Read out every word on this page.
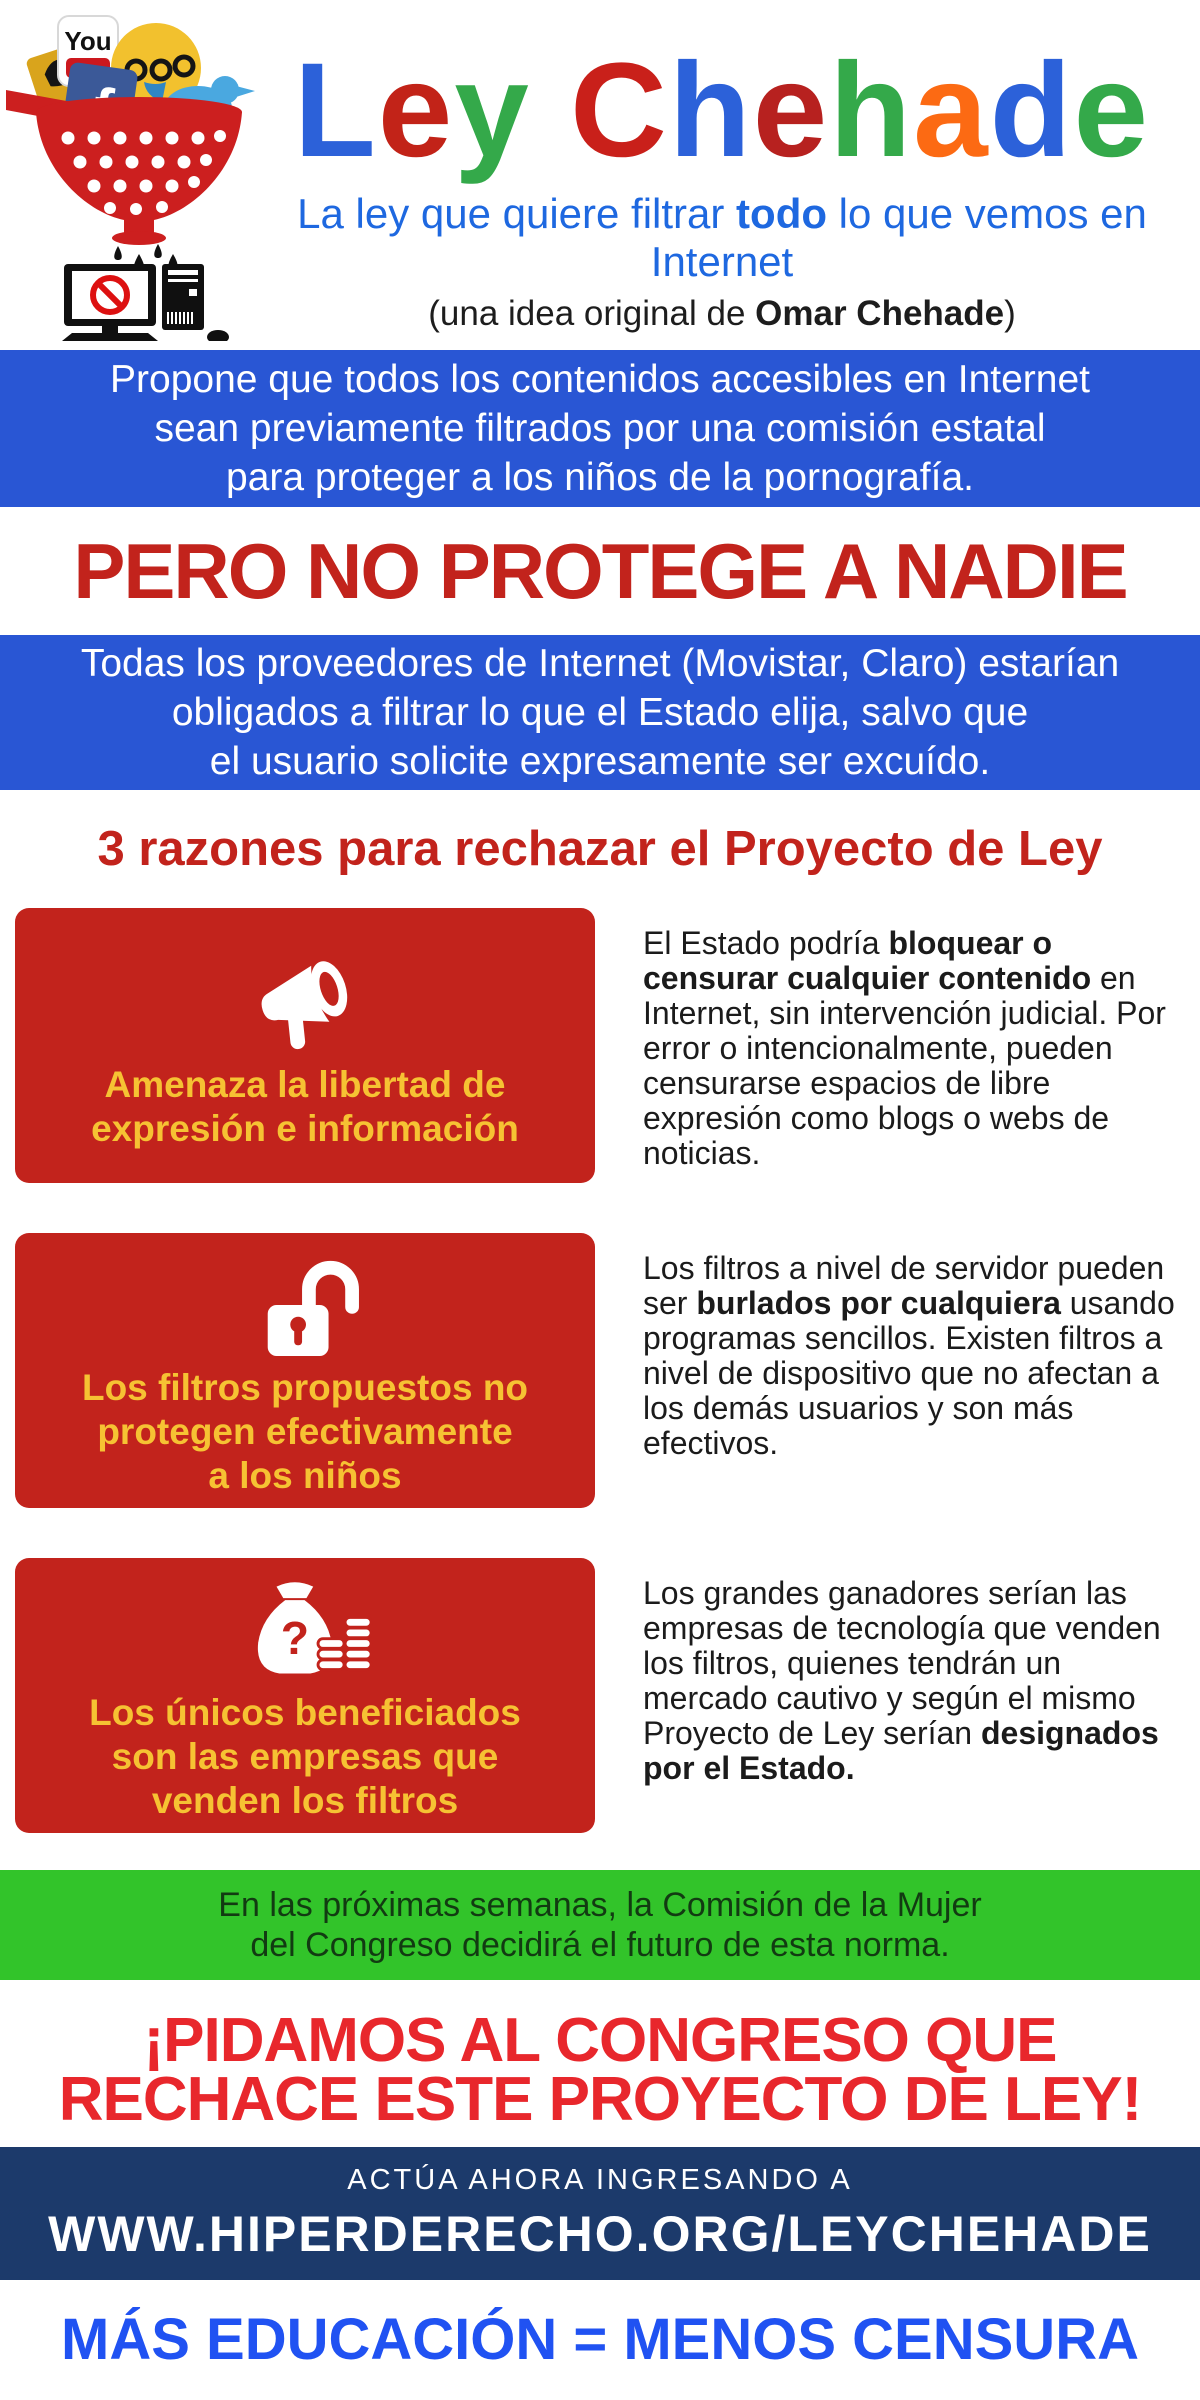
You	Ley Chehade
La ley que quiere filtrar todo lo que vemos en Internet
(una idea original de Omar Chehade)
Propone que todos los contenidos accesibles en Internet
sean previamente filtrados por una comisión estatal
para proteger a los niños de la pornografía.
PERO NO PROTEGE A NADIE
Todas los proveedores de Internet (Movistar, Claro) estarían
obligados a filtrar lo que el Estado elija, salvo que
el usuario solicite expresamente ser excuído.
3 razones para rechazar el Proyecto de Ley
Amenaza la libertad de
expresión e información
El Estado podría bloquear o censurar cualquier contenido en Internet, sin intervención judicial. Por error o intencionalmente, pueden censurarse espacios de libre expresión como blogs o webs de noticias.
Los filtros propuestos no
protegen efectivamente
a los niños
Los filtros a nivel de servidor pueden ser burlados por cualquiera usando programas sencillos. Existen filtros a nivel de dispositivo que no afectan a los demás usuarios y son más efectivos.
?
Los únicos beneficiados
son las empresas que
venden los filtros
Los grandes ganadores serían las empresas de tecnología que venden los filtros, quienes tendrán un mercado cautivo y según el mismo Proyecto de Ley serían designados por el Estado.
En las próximas semanas, la Comisión de la Mujer
del Congreso decidirá el futuro de esta norma.
¡PIDAMOS AL CONGRESO QUE
RECHACE ESTE PROYECTO DE LEY!
ACTÚA AHORA INGRESANDO A
WWW.HIPERDERECHO.ORG/LEYCHEHADE
MÁS EDUCACIÓN = MENOS CENSURA
